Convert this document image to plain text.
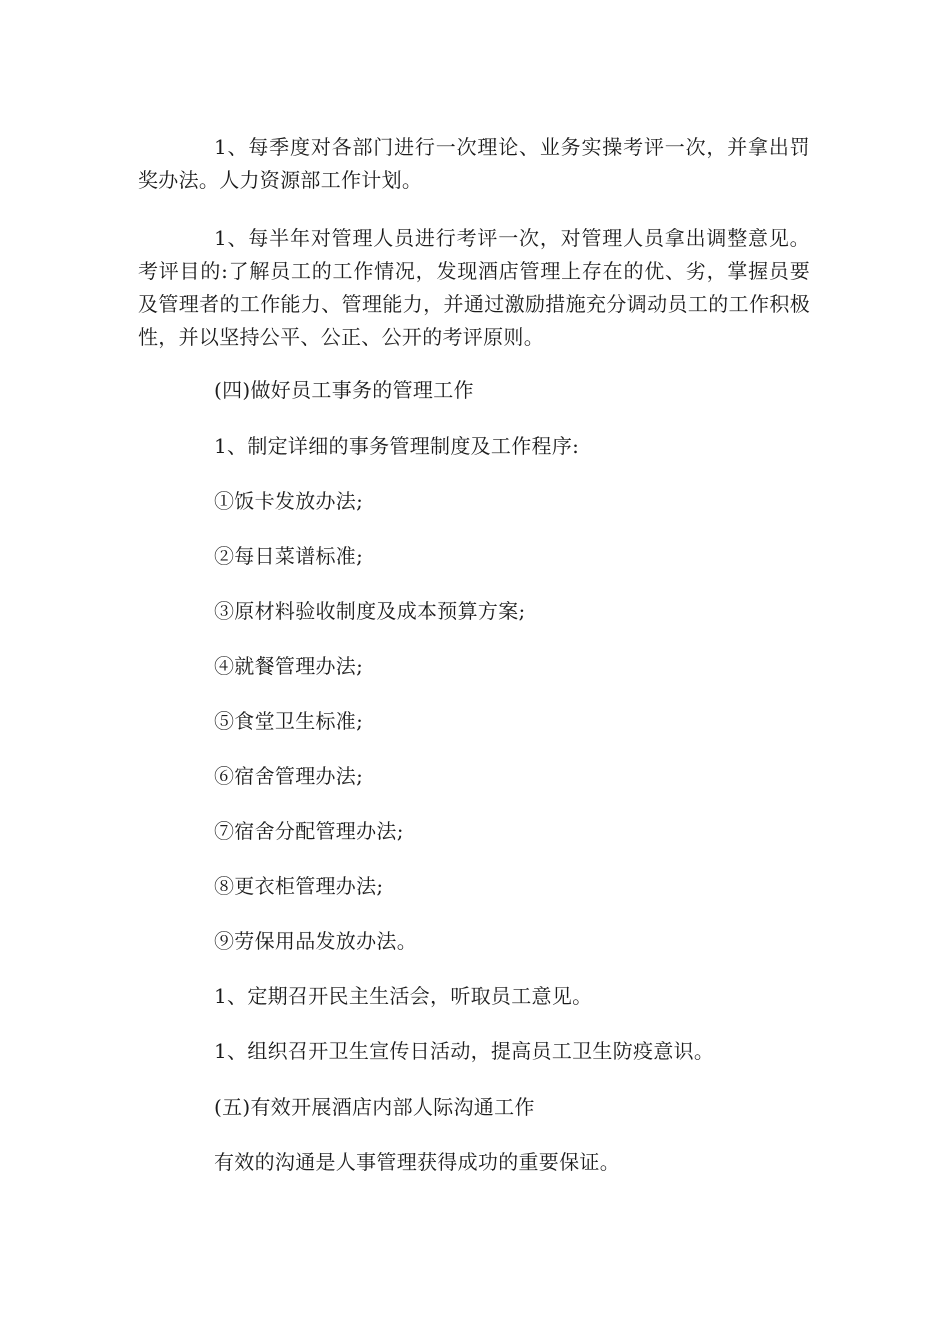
1、每季度对各部门进行一次理论、业务实操考评一次，并拿出罚奖办法。人力资源部工作计划。

1、每半年对管理人员进行考评一次，对管理人员拿出调整意见。考评目的:了解员工的工作情况，发现酒店管理上存在的优、劣，掌握员要及管理者的工作能力、管理能力，并通过激励措施充分调动员工的工作积极性，并以坚持公平、公正、公开的考评原则。

(四)做好员工事务的管理工作

1、制定详细的事务管理制度及工作程序:

①饭卡发放办法;

②每日菜谱标准;

③原材料验收制度及成本预算方案;

④就餐管理办法;

⑤食堂卫生标准;

⑥宿舍管理办法;

⑦宿舍分配管理办法;

⑧更衣柜管理办法;

⑨劳保用品发放办法。

1、定期召开民主生活会，听取员工意见。

1、组织召开卫生宣传日活动，提高员工卫生防疫意识。

(五)有效开展酒店内部人际沟通工作

有效的沟通是人事管理获得成功的重要保证。
